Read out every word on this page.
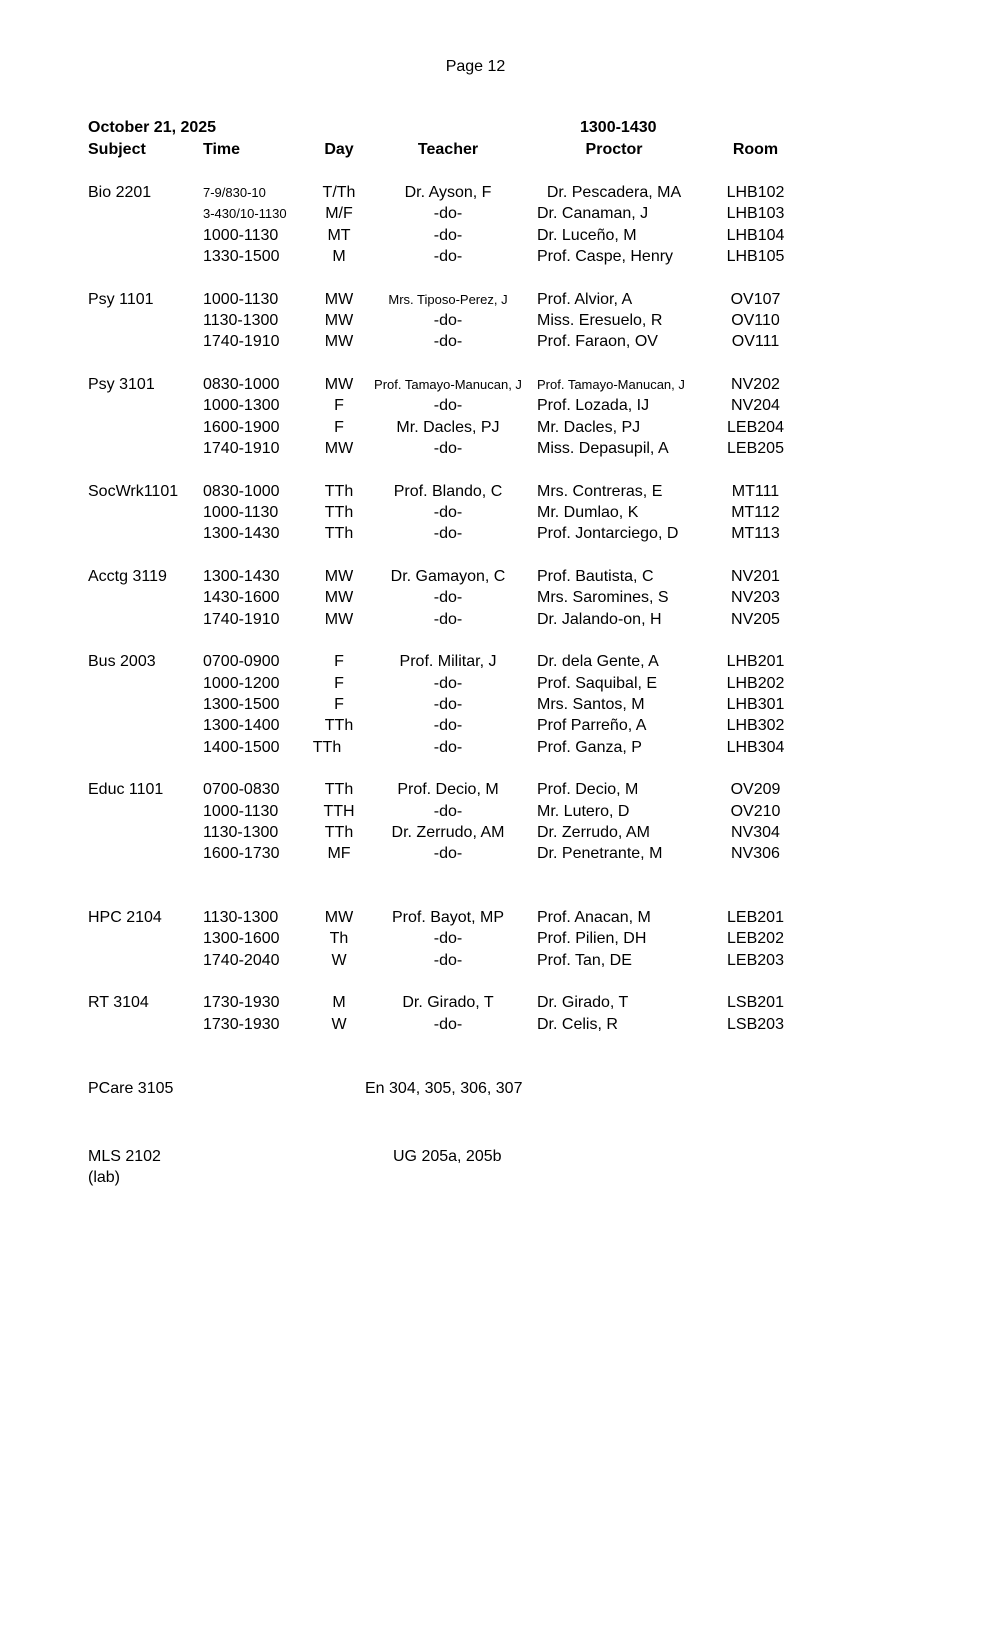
Page 12
October 21, 2025	1300-1430
Subject	Time	Day	Teacher	Proctor	Room
Bio 2201	7-9/830-10	T/Th	Dr. Ayson, F	Dr. Pescadera, MA	LHB102
3-430/10-1130	M/F	-do-	Dr. Canaman, J	LHB103
1000-1130	MT	-do-	Dr. Luceño, M	LHB104
1330-1500	M	-do-	Prof. Caspe, Henry	LHB105
Psy 1101	1000-1130	MW	Mrs. Tiposo-Perez, J	Prof. Alvior, A	OV107
1130-1300	MW	-do-	Miss. Eresuelo, R	OV110
1740-1910	MW	-do-	Prof. Faraon, OV	OV111
Psy 3101	0830-1000	MW	Prof. Tamayo-Manucan, J	Prof. Tamayo-Manucan, J	NV202
1000-1300	F	-do-	Prof. Lozada, IJ	NV204
1600-1900	F	Mr. Dacles, PJ	Mr. Dacles, PJ	LEB204
1740-1910	MW	-do-	Miss. Depasupil, A	LEB205
SocWrk1101	0830-1000	TTh	Prof. Blando, C	Mrs. Contreras, E	MT111
1000-1130	TTh	-do-	Mr. Dumlao, K	MT112
1300-1430	TTh	-do-	Prof. Jontarciego, D	MT113
Acctg 3119	1300-1430	MW	Dr. Gamayon, C	Prof. Bautista, C	NV201
1430-1600	MW	-do-	Mrs. Saromines, S	NV203
1740-1910	MW	-do-	Dr. Jalando-on, H	NV205
Bus 2003	0700-0900	F	Prof. Militar, J	Dr. dela Gente, A	LHB201
1000-1200	F	-do-	Prof. Saquibal, E	LHB202
1300-1500	F	-do-	Mrs. Santos, M	LHB301
1300-1400	TTh	-do-	Prof Parreño, A	LHB302
1400-1500	TTh	-do-	Prof. Ganza, P	LHB304
Educ 1101	0700-0830	TTh	Prof. Decio, M	Prof. Decio, M	OV209
1000-1130	TTH	-do-	Mr. Lutero, D	OV210
1130-1300	TTh	Dr. Zerrudo, AM	Dr. Zerrudo, AM	NV304
1600-1730	MF	-do-	Dr. Penetrante, M	NV306
HPC 2104	1130-1300	MW	Prof. Bayot, MP	Prof. Anacan, M	LEB201
1300-1600	Th	-do-	Prof. Pilien, DH	LEB202
1740-2040	W	-do-	Prof. Tan, DE	LEB203
RT 3104	1730-1930	M	Dr. Girado, T	Dr. Girado, T	LSB201
1730-1930	W	-do-	Dr. Celis, R	LSB203
PCare 3105	En 304, 305, 306, 307
MLS 2102	UG 205a, 205b
(lab)
